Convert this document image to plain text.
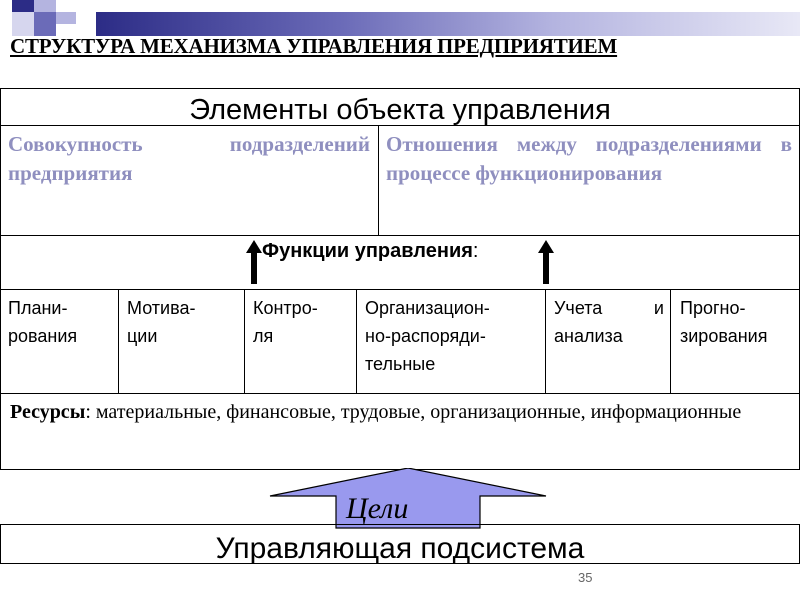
СТРУКТУРА МЕХАНИЗМА УПРАВЛЕНИЯ ПРЕДПРИЯТИЕМ
Элементы объекта управления
Совокупность подразделений предприятия
Отношения между подразделениями в процессе функционирования
Функции управления:
Плани-
рования
Мотива-
ции
Контро-
ля
Организацион-
но-распоряди-
тельные
Учета и анализа
Прогно-
зирования
Ресурсы: материальные, финансовые, трудовые, организационные, информационные
Цели
Управляющая подсистема
35
